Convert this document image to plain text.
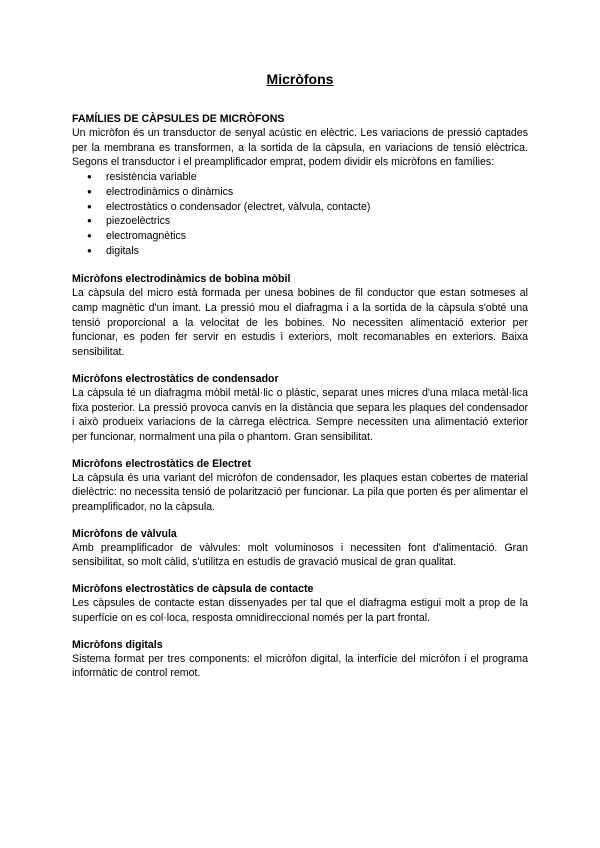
Micròfons
FAMÍLIES DE CÀPSULES DE MICRÒFONS
Un micròfon és un transductor de senyal acústic en elèctric. Les variacions de pressió captades per la membrana es transformen, a la sortida de la càpsula, en variacions de tensió elèctrica. Segons el transductor i el preamplificador emprat, podem dividir els micròfons en famílies:
● resistència variable
● electrodinàmics o dinàmics
● electrostàtics o condensador (electret, vàlvula, contacte)
● piezoelèctrics
● electromagnètics
● digitals
Micròfons electrodinàmics de bobina mòbil
La càpsula del micro està formada per unesa bobines de fil conductor que estan sotmeses al camp magnètic d'un imant. La pressió mou el diafragma i a la sortida de la càpsula s'obté una tensió proporcional a la velocitat de les bobines. No necessiten alimentació exterior per funcionar, es poden fer servir en estudis i exteriors, molt recomanables en exteriors. Baixa sensibilitat.
Micròfons electrostàtics de condensador
La càpsula té un diafragma mòbil metàl·lic o plàstic, separat unes micres d'una mlaca metàl·lica fixa posterior. La pressió provoca canvis en la distància que separa les plaques del condensador i això produeix variacions de la càrrega elèctrica. Sempre necessiten una alimentació exterior per funcionar, normalment una pila o phantom. Gran sensibilitat.
Micròfons electrostàtics de Electret
La càpsula és una variant del micròfon de condensador, les plaques estan cobertes de material dielèctric: no necessita tensió de polarització per funcionar. La pila que porten és per alimentar el preamplificador, no la càpsula.
Micròfons de vàlvula
Amb preamplificador de vàlvules: molt voluminosos i necessiten font d'alimentació. Gran sensibilitat, so molt càlid, s'utilitza en estudis de gravació musical de gran qualitat.
Micròfons electrostàtics de càpsula de contacte
Les càpsules de contacte estan dissenyades per tal que el diafragma estigui molt a prop de la superfície on es col·loca, resposta omnidireccional només per la part frontal.
Micròfons digitals
Sistema format per tres components: el micròfon digital, la interfície del micròfon i el programa informàtic de control remot.
